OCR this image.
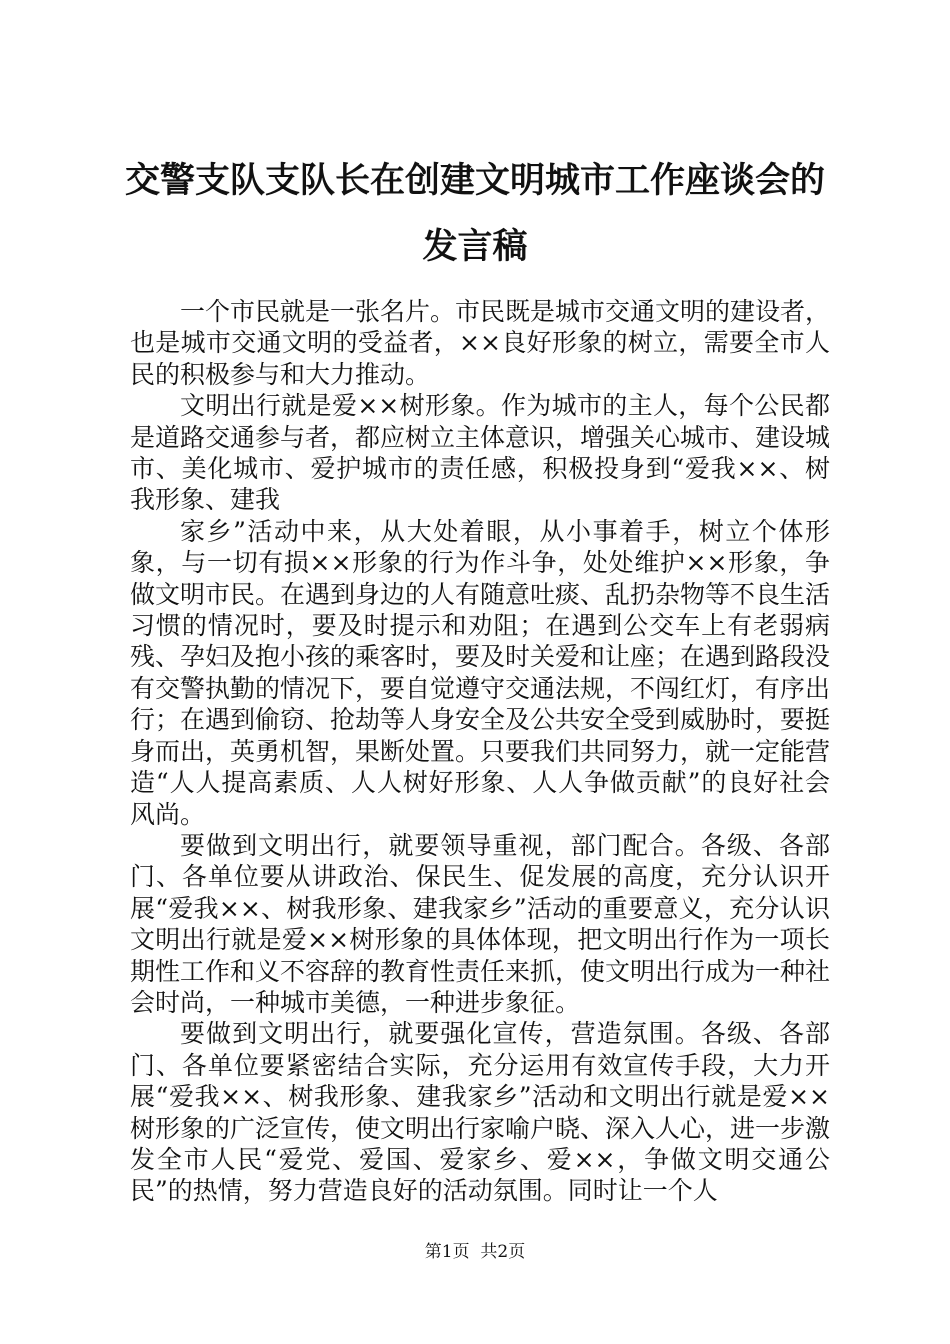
交警支队支队长在创建文明城市工作座谈会的发言稿

一个市民就是一张名片。市民既是城市交通文明的建设者，也是城市交通文明的受益者，××良好形象的树立，需要全市人民的积极参与和大力推动。

文明出行就是爱××树形象。作为城市的主人，每个公民都是道路交通参与者，都应树立主体意识，增强关心城市、建设城市、美化城市、爱护城市的责任感，积极投身到“爱我××、树我形象、建我

家乡”活动中来，从大处着眼，从小事着手，树立个体形象，与一切有损××形象的行为作斗争，处处维护××形象，争做文明市民。在遇到身边的人有随意吐痰、乱扔杂物等不良生活习惯的情况时，要及时提示和劝阻；在遇到公交车上有老弱病残、孕妇及抱小孩的乘客时，要及时关爱和让座；在遇到路段没有交警执勤的情况下，要自觉遵守交通法规，不闯红灯，有序出行；在遇到偷窃、抢劫等人身安全及公共安全受到威胁时，要挺身而出，英勇机智，果断处置。只要我们共同努力，就一定能营造“人人提高素质、人人树好形象、人人争做贡献”的良好社会风尚。

要做到文明出行，就要领导重视，部门配合。各级、各部门、各单位要从讲政治、保民生、促发展的高度，充分认识开展“爱我××、树我形象、建我家乡”活动的重要意义，充分认识文明出行就是爱××树形象的具体体现，把文明出行作为一项长期性工作和义不容辞的教育性责任来抓，使文明出行成为一种社会时尚，一种城市美德，一种进步象征。

要做到文明出行，就要强化宣传，营造氛围。各级、各部门、各单位要紧密结合实际，充分运用有效宣传手段，大力开展“爱我××、树我形象、建我家乡”活动和文明出行就是爱××树形象的广泛宣传，使文明出行家喻户晓、深入人心，进一步激发全市人民“爱党、爱国、爱家乡、爱××，争做文明交通公民”的热情，努力营造良好的活动氛围。同时让一个人

第1页 共2页
